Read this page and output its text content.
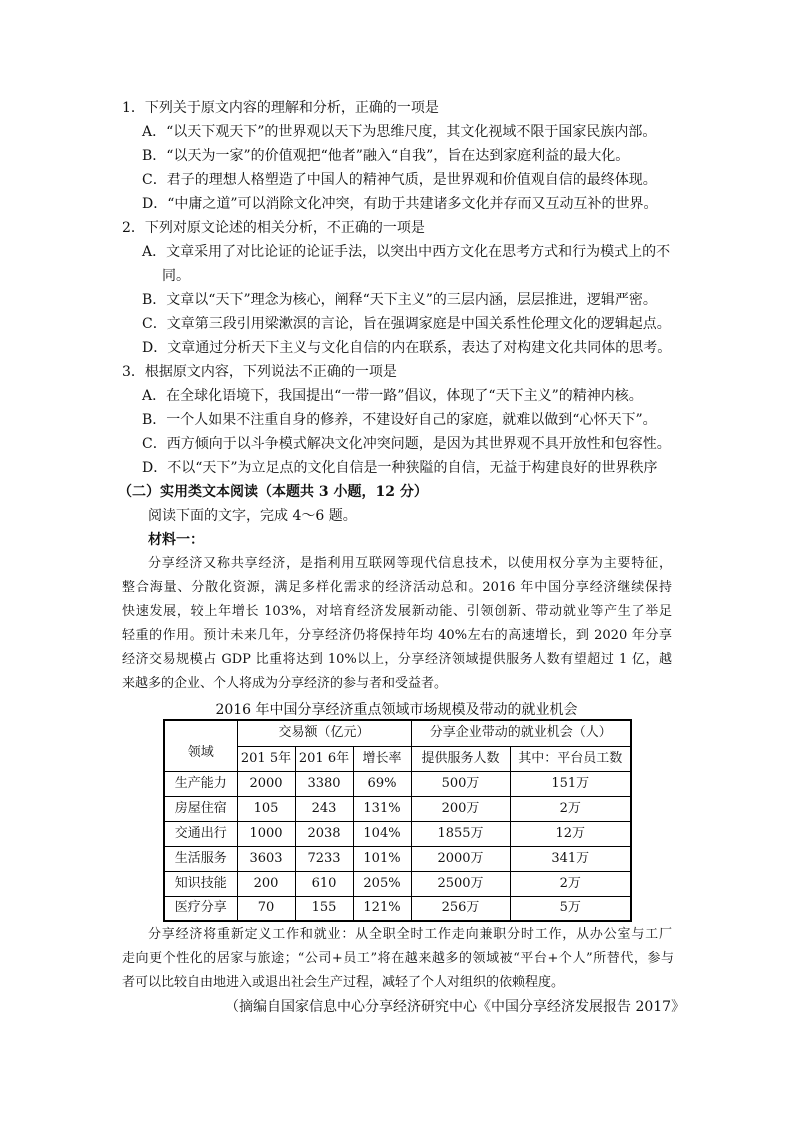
1．下列关于原文内容的理解和分析，正确的一项是
A．“以天下观天下”的世界观以天下为思维尺度，其文化视域不限于国家民族内部。
B．“以天为一家”的价值观把“他者”融入“自我”，旨在达到家庭利益的最大化。
C．君子的理想人格塑造了中国人的精神气质，是世界观和价值观自信的最终体现。
D．“中庸之道”可以消除文化冲突，有助于共建诸多文化并存而又互动互补的世界。
2．下列对原文论述的相关分析，不正确的一项是
A．文章采用了对比论证的论证手法，以突出中西方文化在思考方式和行为模式上的不
同。
B．文章以“天下”理念为核心，阐释“天下主义”的三层内涵，层层推进，逻辑严密。
C．文章第三段引用梁漱溟的言论，旨在强调家庭是中国关系性伦理文化的逻辑起点。
D．文章通过分析天下主义与文化自信的内在联系，表达了对构建文化共同体的思考。
3．根据原文内容，下列说法不正确的一项是
A．在全球化语境下，我国提出“一带一路”倡议，体现了“天下主义”的精神内核。
B．一个人如果不注重自身的修养，不建设好自己的家庭，就难以做到“心怀天下”。
C．西方倾向于以斗争模式解决文化冲突问题，是因为其世界观不具开放性和包容性。
D．不以“天下”为立足点的文化自信是一种狭隘的自信，无益于构建良好的世界秩序
（二）实用类文本阅读（本题共 3 小题，12 分）
阅读下面的文字，完成 4～6 题。
材料一：
分享经济又称共享经济，是指利用互联网等现代信息技术，以使用权分享为主要特征，
整合海量、分散化资源，满足多样化需求的经济活动总和。2016 年中国分享经济继续保持
快速发展，较上年增长 103%，对培育经济发展新动能、引领创新、带动就业等产生了举足
轻重的作用。预计未来几年，分享经济仍将保持年均 40%左右的高速增长，到 2020 年分享
经济交易规模占 GDP 比重将达到 10%以上，分享经济领域提供服务人数有望超过 1 亿，越
来越多的企业、个人将成为分享经济的参与者和受益者。
2016 年中国分享经济重点领域市场规模及带动的就业机会
领域	交易额（亿元）			分享企业带动的就业机会（人）	
	201 5年	201 6年	增长率	提供服务人数	其中：平台员工数
生产能力	2000	3380	69%	500万	151万
房屋住宿	105	243	131%	200万	2万
交通出行	1000	2038	104%	1855万	12万
生活服务	3603	7233	101%	2000万	341万
知识技能	200	610	205%	2500万	2万
医疗分享	70	155	121%	256万	5万
分享经济将重新定义工作和就业：从全职全时工作走向兼职分时工作，从办公室与工厂
走向更个性化的居家与旅途；“公司+员工”将在越来越多的领域被“平台+个人”所替代，参与
者可以比较自由地进入或退出社会生产过程，减轻了个人对组织的依赖程度。
（摘编自国家信息中心分享经济研究中心《中国分享经济发展报告 2017》
